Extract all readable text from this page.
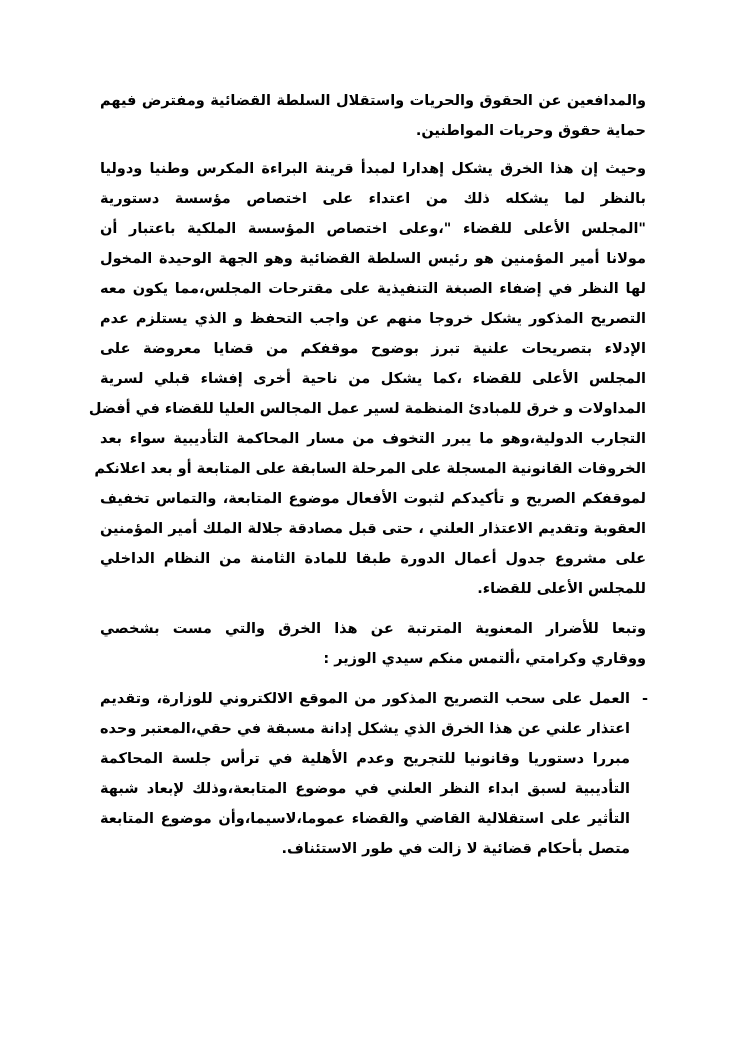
والمدافعين عن الحقوق والحريات واستقلال السلطة القضائية ومفترض فيهم
حماية حقوق وحريات المواطنين.
وحيث إن هذا الخرق يشكل إهدارا لمبدأ قرينة البراءة المكرس وطنيا ودوليا
بالنظر لما يشكله ذلك من اعتداء على اختصاص مؤسسة دستورية
"المجلس الأعلى للقضاء "،وعلى اختصاص المؤسسة الملكية باعتبار أن
مولانا أمير المؤمنين هو رئيس السلطة القضائية وهو الجهة الوحيدة المخول
لها النظر في إضفاء الصبغة التنفيذية على مقترحات المجلس،مما يكون معه
التصريح المذكور يشكل خروجا منهم عن واجب التحفظ و الذي يستلزم عدم
الإدلاء بتصريحات علنية تبرز بوضوح موقفكم من قضايا معروضة على
المجلس الأعلى للقضاء ،كما يشكل من ناحية أخرى إفشاء قبلي لسرية
المداولات و خرق للمبادئ المنظمة لسير عمل المجالس العليا للقضاء في أفضل
التجارب الدولية،وهو ما يبرر التخوف من مسار المحاكمة التأديبية سواء بعد
الخروقات القانونية المسجلة على المرحلة السابقة على المتابعة أو بعد اعلانكم
لموقفكم الصريح و تأكيدكم لثبوت الأفعال موضوع المتابعة، والتماس تخفيف
العقوبة وتقديم الاعتذار العلني ، حتى قبل مصادقة جلالة الملك أمير المؤمنين
على مشروع جدول أعمال الدورة طبقا للمادة الثامنة من النظام الداخلي
للمجلس الأعلى للقضاء.
وتبعا للأضرار المعنوية المترتبة عن هذا الخرق والتي مست بشخصي
ووقاري وكرامتي ،ألتمس منكم سيدي الوزير :
-
العمل على سحب التصريح المذكور من الموقع الالكتروني للوزارة، وتقديم
اعتذار علني عن هذا الخرق الذي يشكل إدانة مسبقة في حقي،المعتبر وحده
مبررا دستوريا وقانونيا للتجريح وعدم الأهلية في ترأس جلسة المحاكمة
التأديبية لسبق ابداء النظر العلني في موضوع المتابعة،وذلك لإبعاد شبهة
التأثير على استقلالية القاضي والقضاء عموما،لاسيما،وأن موضوع المتابعة
متصل بأحكام قضائية لا زالت في طور الاستئناف.
